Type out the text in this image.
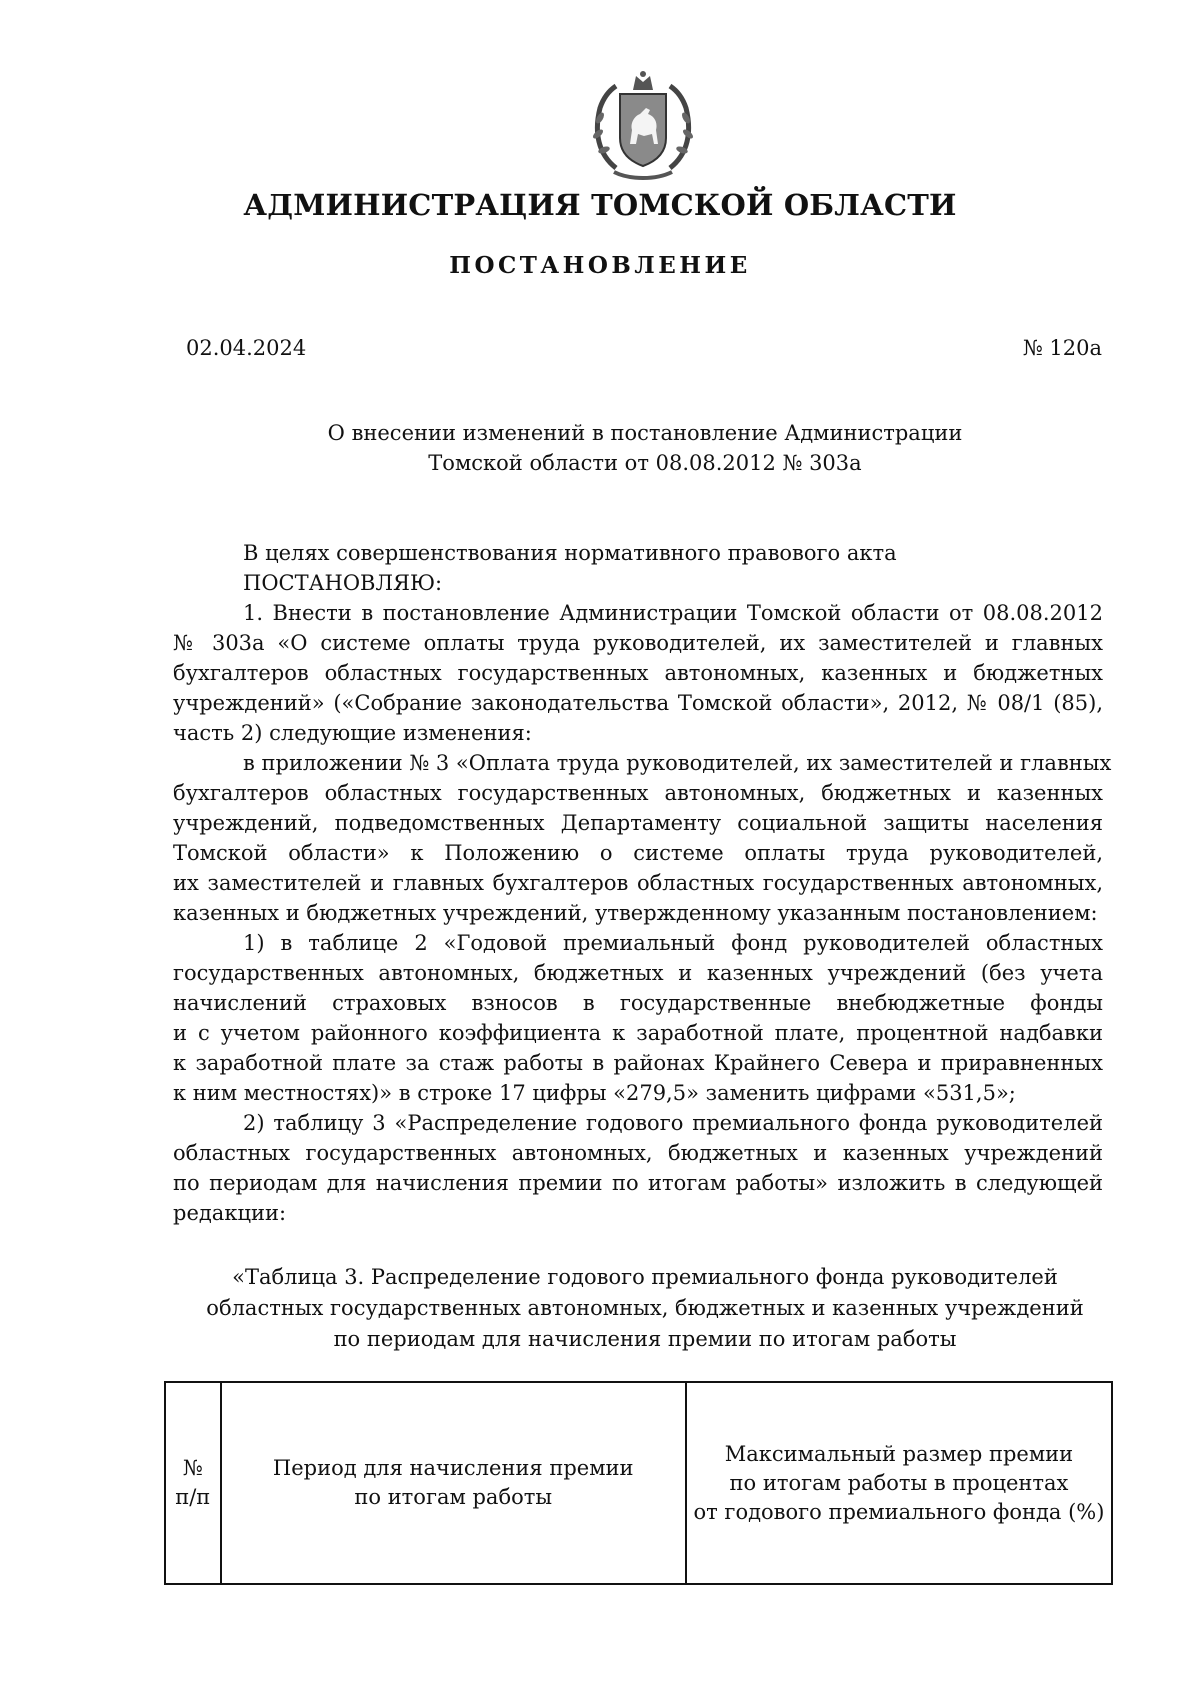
АДМИНИСТРАЦИЯ ТОМСКОЙ ОБЛАСТИ
ПОСТАНОВЛЕНИЕ
02.04.2024	№ 120а
О внесении изменений в постановление Администрации
Томской области от 08.08.2012 № 303а
В целях совершенствования нормативного правового акта
ПОСТАНОВЛЯЮ:
1. Внести в постановление Администрации Томской области от 08.08.2012
№ 303а «О системе оплаты труда руководителей, их заместителей и главных
бухгалтеров областных государственных автономных, казенных и бюджетных
учреждений» («Собрание законодательства Томской области», 2012, № 08/1 (85),
часть 2) следующие изменения:
в приложении № 3 «Оплата труда руководителей, их заместителей и главных
бухгалтеров областных государственных автономных, бюджетных и казенных
учреждений, подведомственных Департаменту социальной защиты населения
Томской области» к Положению о системе оплаты труда руководителей,
их заместителей и главных бухгалтеров областных государственных автономных,
казенных и бюджетных учреждений, утвержденному указанным постановлением:
1) в таблице 2 «Годовой премиальный фонд руководителей областных
государственных автономных, бюджетных и казенных учреждений (без учета
начислений страховых взносов в государственные внебюджетные фонды
и с учетом районного коэффициента к заработной плате, процентной надбавки
к заработной плате за стаж работы в районах Крайнего Севера и приравненных
к ним местностях)» в строке 17 цифры «279,5» заменить цифрами «531,5»;
2) таблицу 3 «Распределение годового премиального фонда руководителей
областных государственных автономных, бюджетных и казенных учреждений
по периодам для начисления премии по итогам работы» изложить в следующей
редакции:
«Таблица 3. Распределение годового премиального фонда руководителей
областных государственных автономных, бюджетных и казенных учреждений
по периодам для начисления премии по итогам работы
№
п/п

Период для начисления премии
по итогам работы

Максимальный размер премии
по итогам работы в процентах
от годового премиального фонда (%)
